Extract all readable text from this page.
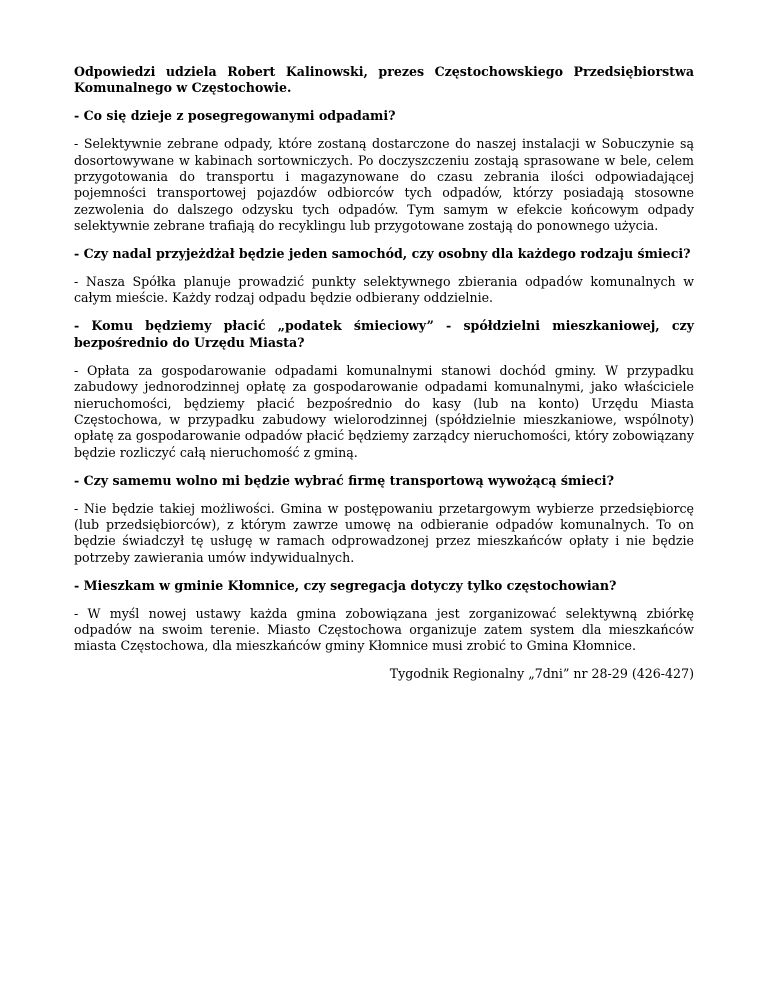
Odpowiedzi udziela Robert Kalinowski, prezes Częstochowskiego Przedsiębiorstwa Komunalnego w Częstochowie.

- Co się dzieje z posegregowanymi odpadami?

- Selektywnie zebrane odpady, które zostaną dostarczone do naszej instalacji w Sobuczynie są dosortowywane w kabinach sortowniczych. Po doczyszczeniu zostają sprasowane w bele, celem przygotowania do transportu i magazynowane do czasu zebrania ilości odpowiadającej pojemności transportowej pojazdów odbiorców tych odpadów, którzy posiadają stosowne zezwolenia do dalszego odzysku tych odpadów. Tym samym w efekcie końcowym odpady selektywnie zebrane trafiają do recyklingu lub przygotowane zostają do ponownego użycia.

- Czy nadal przyjeżdżał będzie jeden samochód, czy osobny dla każdego rodzaju śmieci?

- Nasza Spółka planuje prowadzić punkty selektywnego zbierania odpadów komunalnych w całym mieście. Każdy rodzaj odpadu będzie odbierany oddzielnie.

- Komu będziemy płacić „podatek śmieciowy” - spółdzielni mieszkaniowej, czy bezpośrednio do Urzędu Miasta?

- Opłata za gospodarowanie odpadami komunalnymi stanowi dochód gminy. W przypadku zabudowy jednorodzinnej opłatę za gospodarowanie odpadami komunalnymi, jako właściciele nieruchomości, będziemy płacić bezpośrednio do kasy (lub na konto) Urzędu Miasta Częstochowa, w przypadku zabudowy wielorodzinnej (spółdzielnie mieszkaniowe, wspólnoty) opłatę za gospodarowanie odpadów płacić będziemy zarządcy nieruchomości, który zobowiązany będzie rozliczyć całą nieruchomość z gminą.

- Czy samemu wolno mi będzie wybrać firmę transportową wywożącą śmieci?

- Nie będzie takiej możliwości. Gmina w postępowaniu przetargowym wybierze przedsiębiorcę (lub przedsiębiorców), z którym zawrze umowę na odbieranie odpadów komunalnych. To on będzie świadczył tę usługę w ramach odprowadzonej przez mieszkańców opłaty i nie będzie potrzeby zawierania umów indywidualnych.

- Mieszkam w gminie Kłomnice, czy segregacja dotyczy tylko częstochowian?

- W myśl nowej ustawy każda gmina zobowiązana jest zorganizować selektywną zbiórkę odpadów na swoim terenie. Miasto Częstochowa organizuje zatem system dla mieszkańców miasta Częstochowa, dla mieszkańców gminy Kłomnice musi zrobić to Gmina Kłomnice.

Tygodnik Regionalny „7dni” nr 28-29 (426-427)
